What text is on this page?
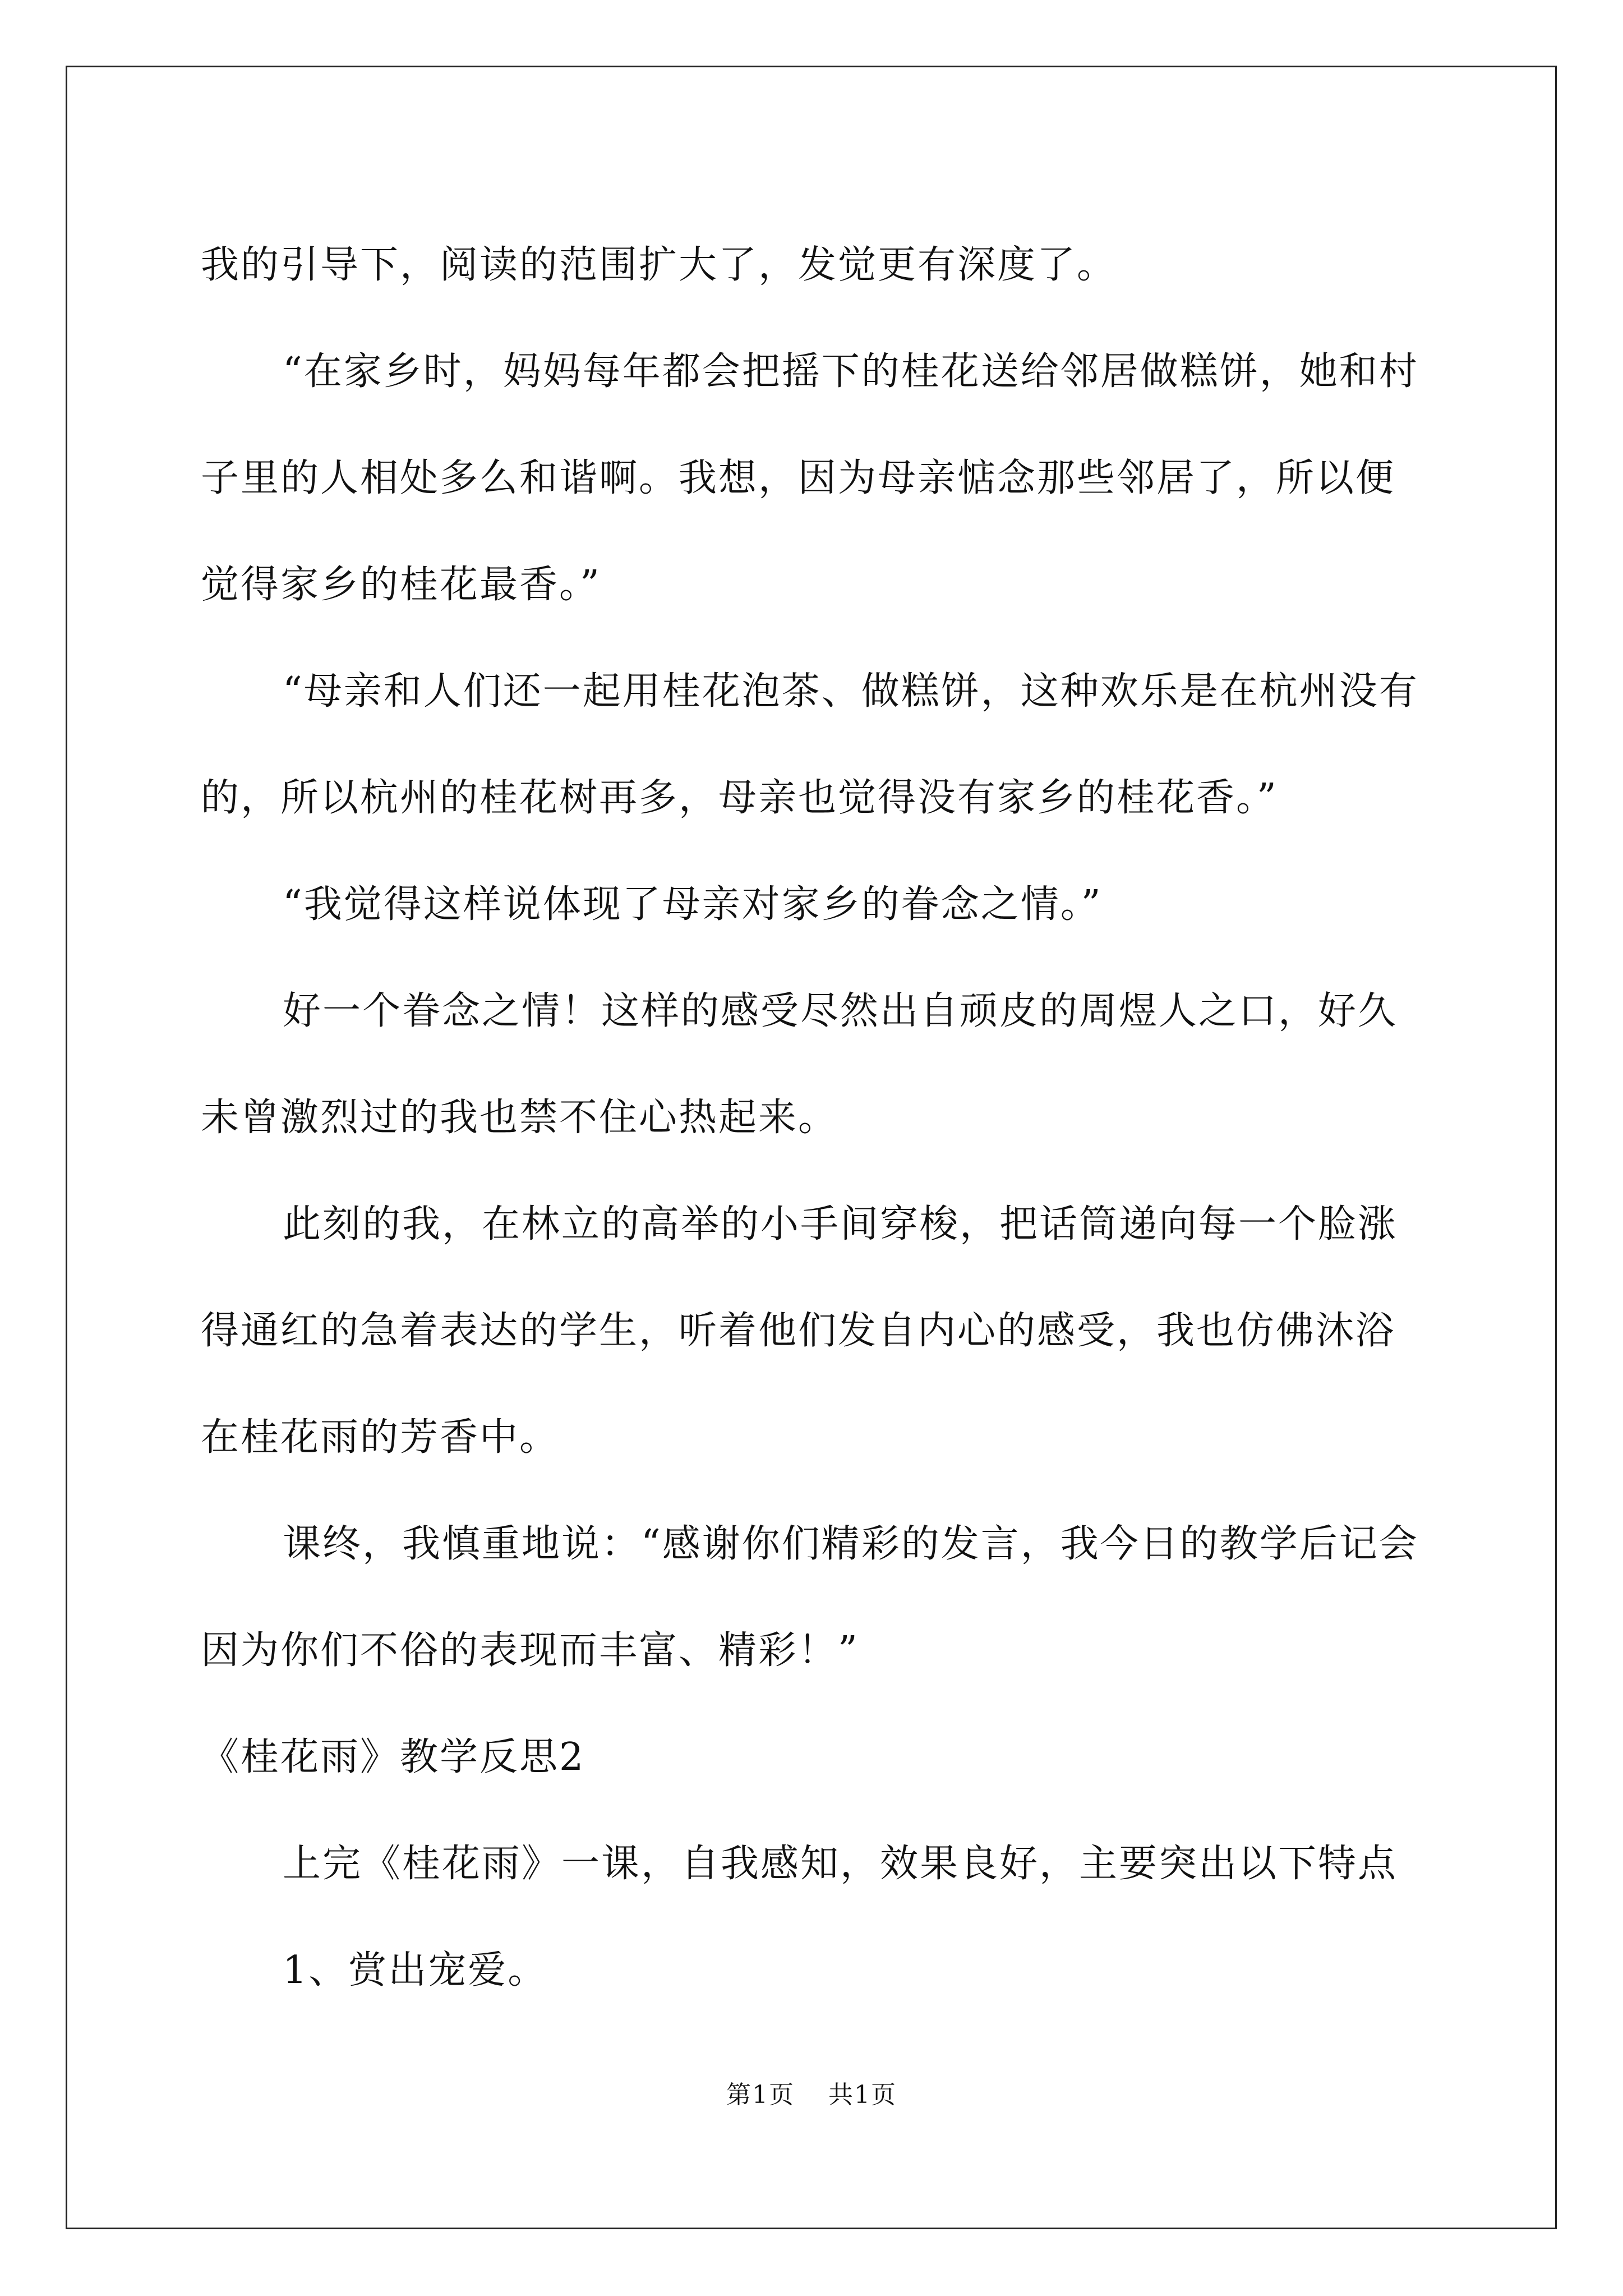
我的引导下，阅读的范围扩大了，发觉更有深度了。

“在家乡时，妈妈每年都会把摇下的桂花送给邻居做糕饼，她和村子里的人相处多么和谐啊。我想，因为母亲惦念那些邻居了，所以便觉得家乡的桂花最香。”

“母亲和人们还一起用桂花泡茶、做糕饼，这种欢乐是在杭州没有的，所以杭州的桂花树再多，母亲也觉得没有家乡的桂花香。”

“我觉得这样说体现了母亲对家乡的眷念之情。”

好一个眷念之情！这样的感受尽然出自顽皮的周煜人之口，好久未曾激烈过的我也禁不住心热起来。

此刻的我，在林立的高举的小手间穿梭，把话筒递向每一个脸涨得通红的急着表达的学生，听着他们发自内心的感受，我也仿佛沐浴在桂花雨的芳香中。

课终，我慎重地说：“感谢你们精彩的发言，我今日的教学后记会因为你们不俗的表现而丰富、精彩！”

《桂花雨》教学反思2

上完《桂花雨》一课，自我感知，效果良好，主要突出以下特点

1、赏出宠爱。

第1页 共1页
